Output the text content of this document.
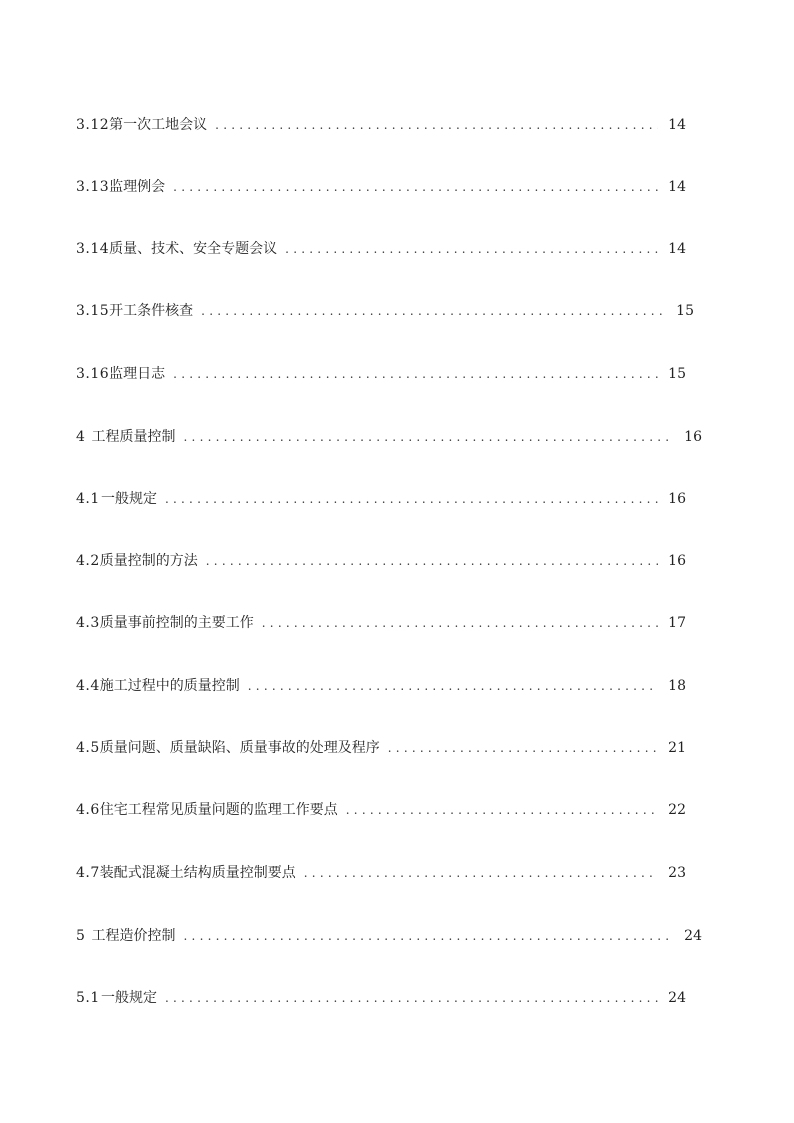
3.12 第一次工地会议 . . .	14
3.13 监理例会 . . .	14
3.14 质量、技术、安全专题会议 . . .	14
3.15 开工条件核查 . . .	15
3.16 监理日志 . . .	15
4 工程质量控制 . . .	16
4.1 一般规定 . . .	16
4.2 质量控制的方法 . . .	16
4.3 质量事前控制的主要工作 . . .	17
4.4 施工过程中的质量控制 . . .	18
4.5 质量问题、质量缺陷、质量事故的处理及程序 . . .	21
4.6 住宅工程常见质量问题的监理工作要点 . . .	22
4.7 装配式混凝土结构质量控制要点 . . .	23
5 工程造价控制 . . .	24
5.1 一般规定 . . .	24
